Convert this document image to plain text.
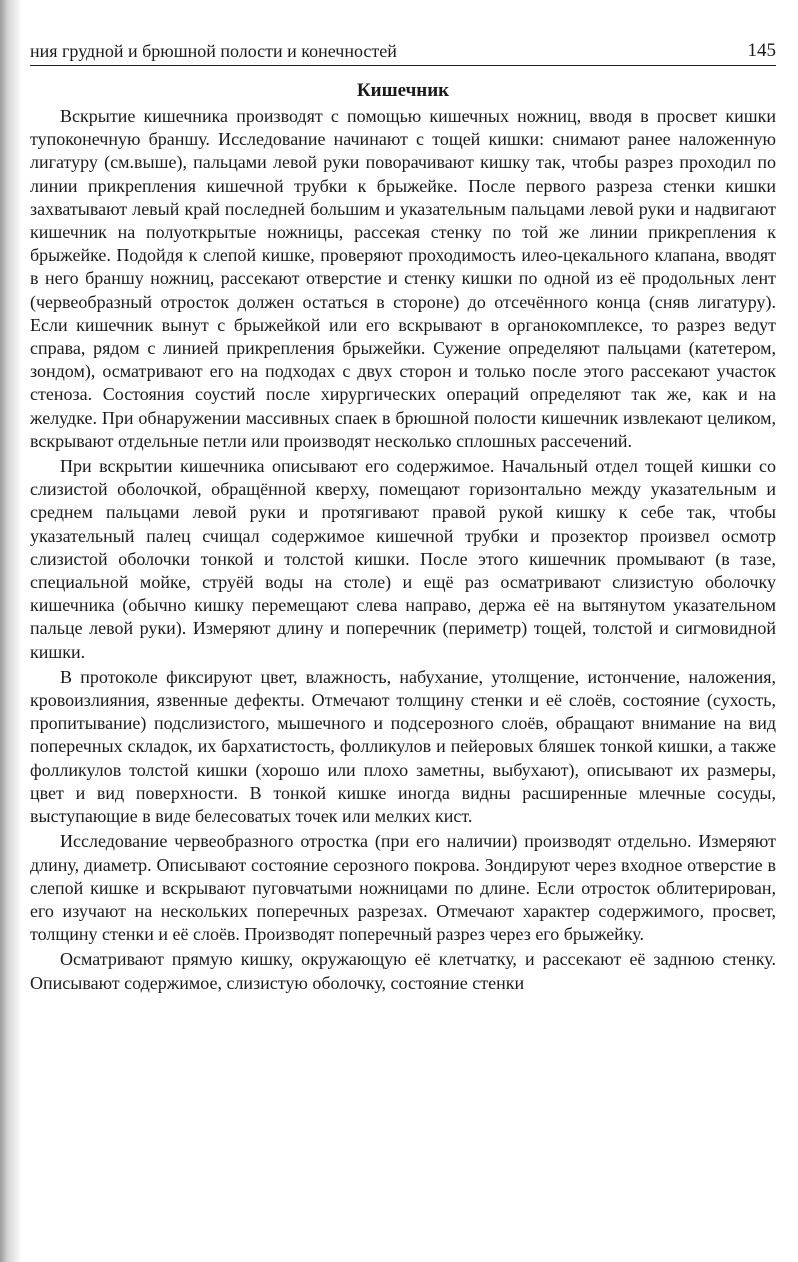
ния грудной и брюшной полости и конечностей	145
Кишечник

Вскрытие кишечника производят с помощью кишечных ножниц, вводя в просвет кишки тупоконечную браншу. Исследование начинают с тощей кишки: снимают ранее наложенную лигатуру (см.выше), пальцами левой руки поворачивают кишку так, чтобы разрез проходил по линии прикрепления кишечной трубки к брыжейке. После первого разреза стенки кишки захватывают левый край последней большим и указательным пальцами левой руки и надвигают кишечник на полуоткрытые ножницы, рассекая стенку по той же линии прикрепления к брыжейке. Подойдя к слепой кишке, проверяют проходимость илео-цекального клапана, вводят в него браншу ножниц, рассекают отверстие и стенку кишки по одной из её продольных лент (червеобразный отросток должен остаться в стороне) до отсечённого конца (сняв лигатуру). Если кишечник вынут с брыжейкой или его вскрывают в органокомплексе, то разрез ведут справа, рядом с линией прикрепления брыжейки. Сужение определяют пальцами (катетером, зондом), осматривают его на подходах с двух сторон и только после этого рассекают участок стеноза. Состояния соустий после хирургических операций определяют так же, как и на желудке. При обнаружении массивных спаек в брюшной полости кишечник извлекают целиком, вскрывают отдельные петли или производят несколько сплошных рассечений.

При вскрытии кишечника описывают его содержимое. Начальный отдел тощей кишки со слизистой оболочкой, обращённой кверху, помещают горизонтально между указательным и среднем пальцами левой руки и протягивают правой рукой кишку к себе так, чтобы указательный палец счищал содержимое кишечной трубки и прозектор произвел осмотр слизистой оболочки тонкой и толстой кишки. После этого кишечник промывают (в тазе, специальной мойке, струёй воды на столе) и ещё раз осматривают слизистую оболочку кишечника (обычно кишку перемещают слева направо, держа её на вытянутом указательном пальце левой руки). Измеряют длину и поперечник (периметр) тощей, толстой и сигмовидной кишки.

В протоколе фиксируют цвет, влажность, набухание, утолщение, истончение, наложения, кровоизлияния, язвенные дефекты. Отмечают толщину стенки и её слоёв, состояние (сухость, пропитывание) подслизистого, мышечного и подсерозного слоёв, обращают внимание на вид поперечных складок, их бархатистость, фолликулов и пейеровых бляшек тонкой кишки, а также фолликулов толстой кишки (хорошо или плохо заметны, выбухают), описывают их размеры, цвет и вид поверхности. В тонкой кишке иногда видны расширенные млечные сосуды, выступающие в виде белесоватых точек или мелких кист.

Исследование червеобразного отростка (при его наличии) производят отдельно. Измеряют длину, диаметр. Описывают состояние серозного покрова. Зондируют через входное отверстие в слепой кишке и вскрывают пуговчатыми ножницами по длине. Если отросток облитерирован, его изучают на нескольких поперечных разрезах. Отмечают характер содержимого, просвет, толщину стенки и её слоёв. Производят поперечный разрез через его брыжейку.

Осматривают прямую кишку, окружающую её клетчатку, и рассекают её заднюю стенку. Описывают содержимое, слизистую оболочку, состояние стенки
